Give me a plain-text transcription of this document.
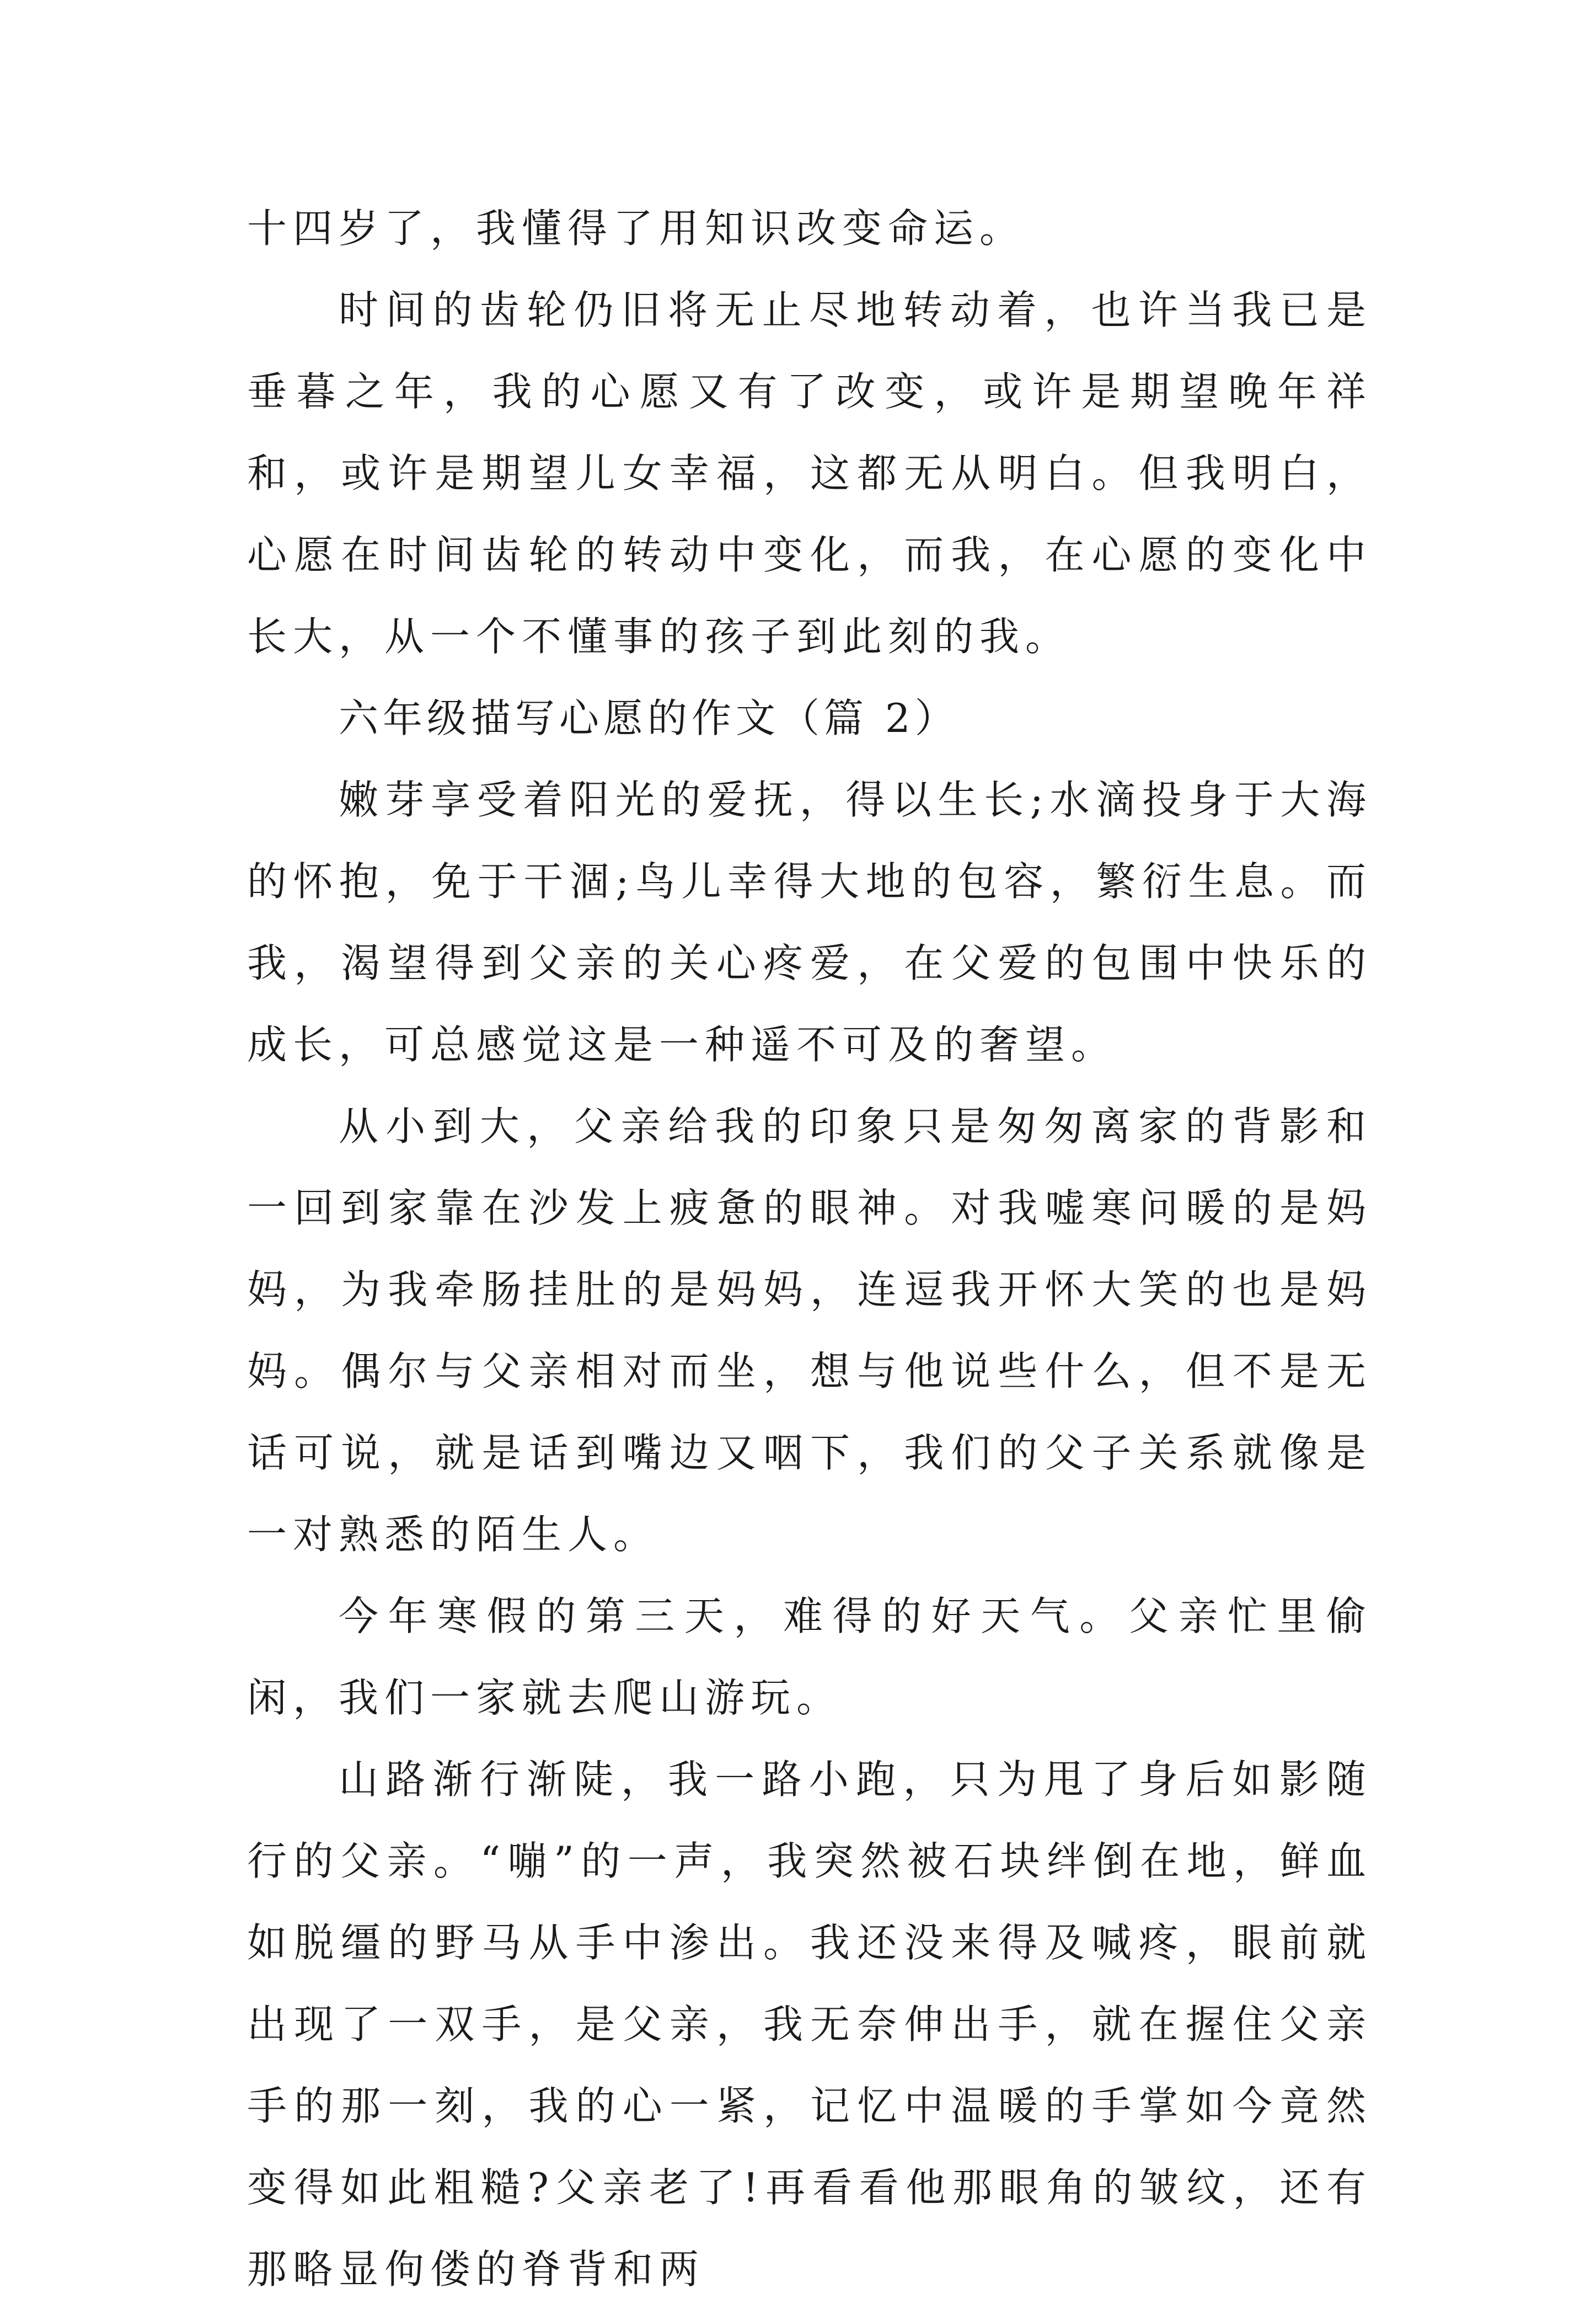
十四岁了，我懂得了用知识改变命运。

时间的齿轮仍旧将无止尽地转动着，也许当我已是垂暮之年，我的心愿又有了改变，或许是期望晚年祥和，或许是期望儿女幸福，这都无从明白。但我明白，心愿在时间齿轮的转动中变化，而我，在心愿的变化中长大，从一个不懂事的孩子到此刻的我。

六年级描写心愿的作文（篇 2）

嫩芽享受着阳光的爱抚，得以生长;水滴投身于大海的怀抱，免于干涸;鸟儿幸得大地的包容，繁衍生息。而我，渴望得到父亲的关心疼爱，在父爱的包围中快乐的成长，可总感觉这是一种遥不可及的奢望。

从小到大，父亲给我的印象只是匆匆离家的背影和一回到家靠在沙发上疲惫的眼神。对我嘘寒问暖的是妈妈，为我牵肠挂肚的是妈妈，连逗我开怀大笑的也是妈妈。偶尔与父亲相对而坐，想与他说些什么，但不是无话可说，就是话到嘴边又咽下，我们的父子关系就像是一对熟悉的陌生人。

今年寒假的第三天，难得的好天气。父亲忙里偷闲，我们一家就去爬山游玩。

山路渐行渐陡，我一路小跑，只为甩了身后如影随行的父亲。“嘣”的一声，我突然被石块绊倒在地，鲜血如脱缰的野马从手中渗出。我还没来得及喊疼，眼前就出现了一双手，是父亲，我无奈伸出手，就在握住父亲手的那一刻，我的心一紧，记忆中温暖的手掌如今竟然变得如此粗糙?父亲老了!再看看他那眼角的皱纹，还有那略显佝偻的脊背和两
